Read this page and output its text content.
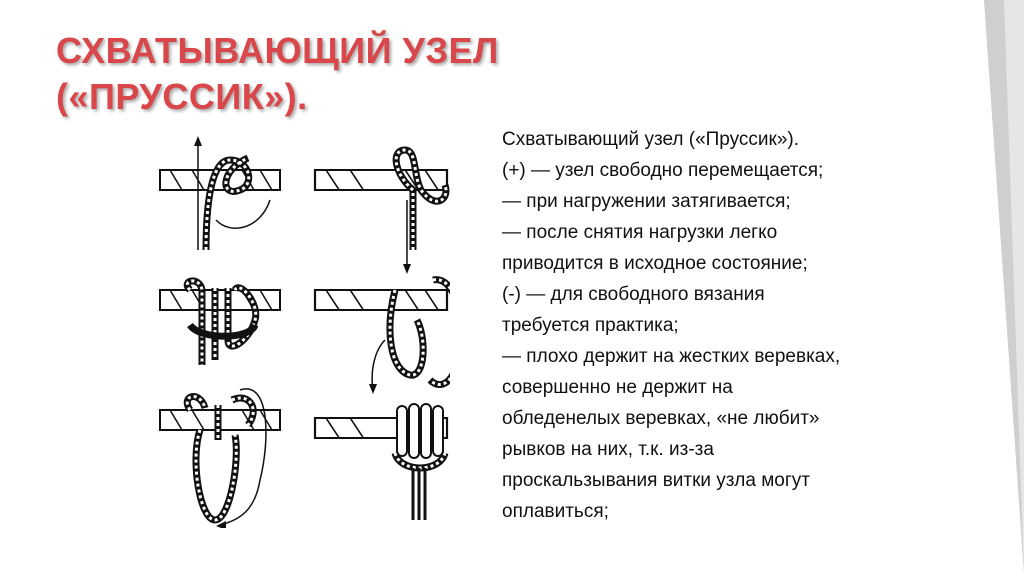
СХВАТЫВАЮЩИЙ УЗЕЛ
(«ПРУССИК»).
Схватывающий узел («Пруссик»).
(+) — узел свободно перемещается;
— при нагружении затягивается;
— после снятия нагрузки легко
приводится в исходное состояние;
(-) — для свободного вязания
требуется практика;
— плохо держит на жестких веревках,
совершенно не держит на
обледенелых веревках, «не любит»
рывков на них, т.к. из-за
проскальзывания витки узла могут
оплавиться;
